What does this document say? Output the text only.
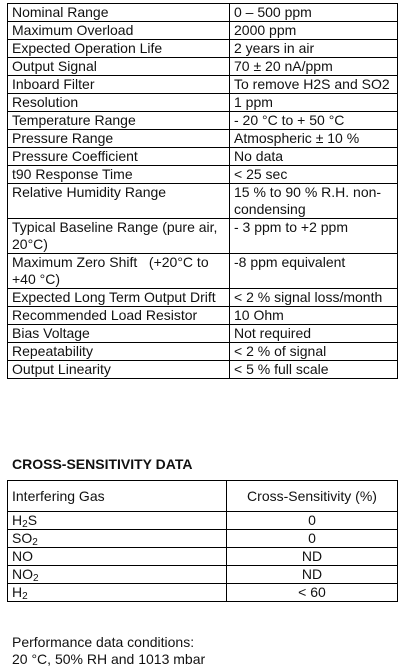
Nominal Range	0 – 500 ppm
Maximum Overload	2000 ppm
Expected Operation Life	2 years in air
Output Signal	70 ± 20 nA/ppm
Inboard Filter	To remove H2S and SO2
Resolution	1 ppm
Temperature Range	- 20 °C to + 50 °C
Pressure Range	Atmospheric ± 10 %
Pressure Coefficient	No data
t90 Response Time	< 25 sec
Relative Humidity Range	15 % to 90 % R.H. non-condensing
Typical Baseline Range (pure air, 20°C)	- 3 ppm to +2 ppm
Maximum Zero Shift   (+20°C to +40 °C)	-8 ppm equivalent
Expected Long Term Output Drift	< 2 % signal loss/month
Recommended Load Resistor	10 Ohm
Bias Voltage	Not required
Repeatability	< 2 % of signal
Output Linearity	< 5 % full scale

CROSS-SENSITIVITY DATA

Interfering Gas	Cross-Sensitivity (%)
$H_2S$	0
$SO_2$	0
NO	ND
$NO_2$	ND
$H_2$	< 60

Performance data conditions:
20 °C, 50% RH and 1013 mbar
